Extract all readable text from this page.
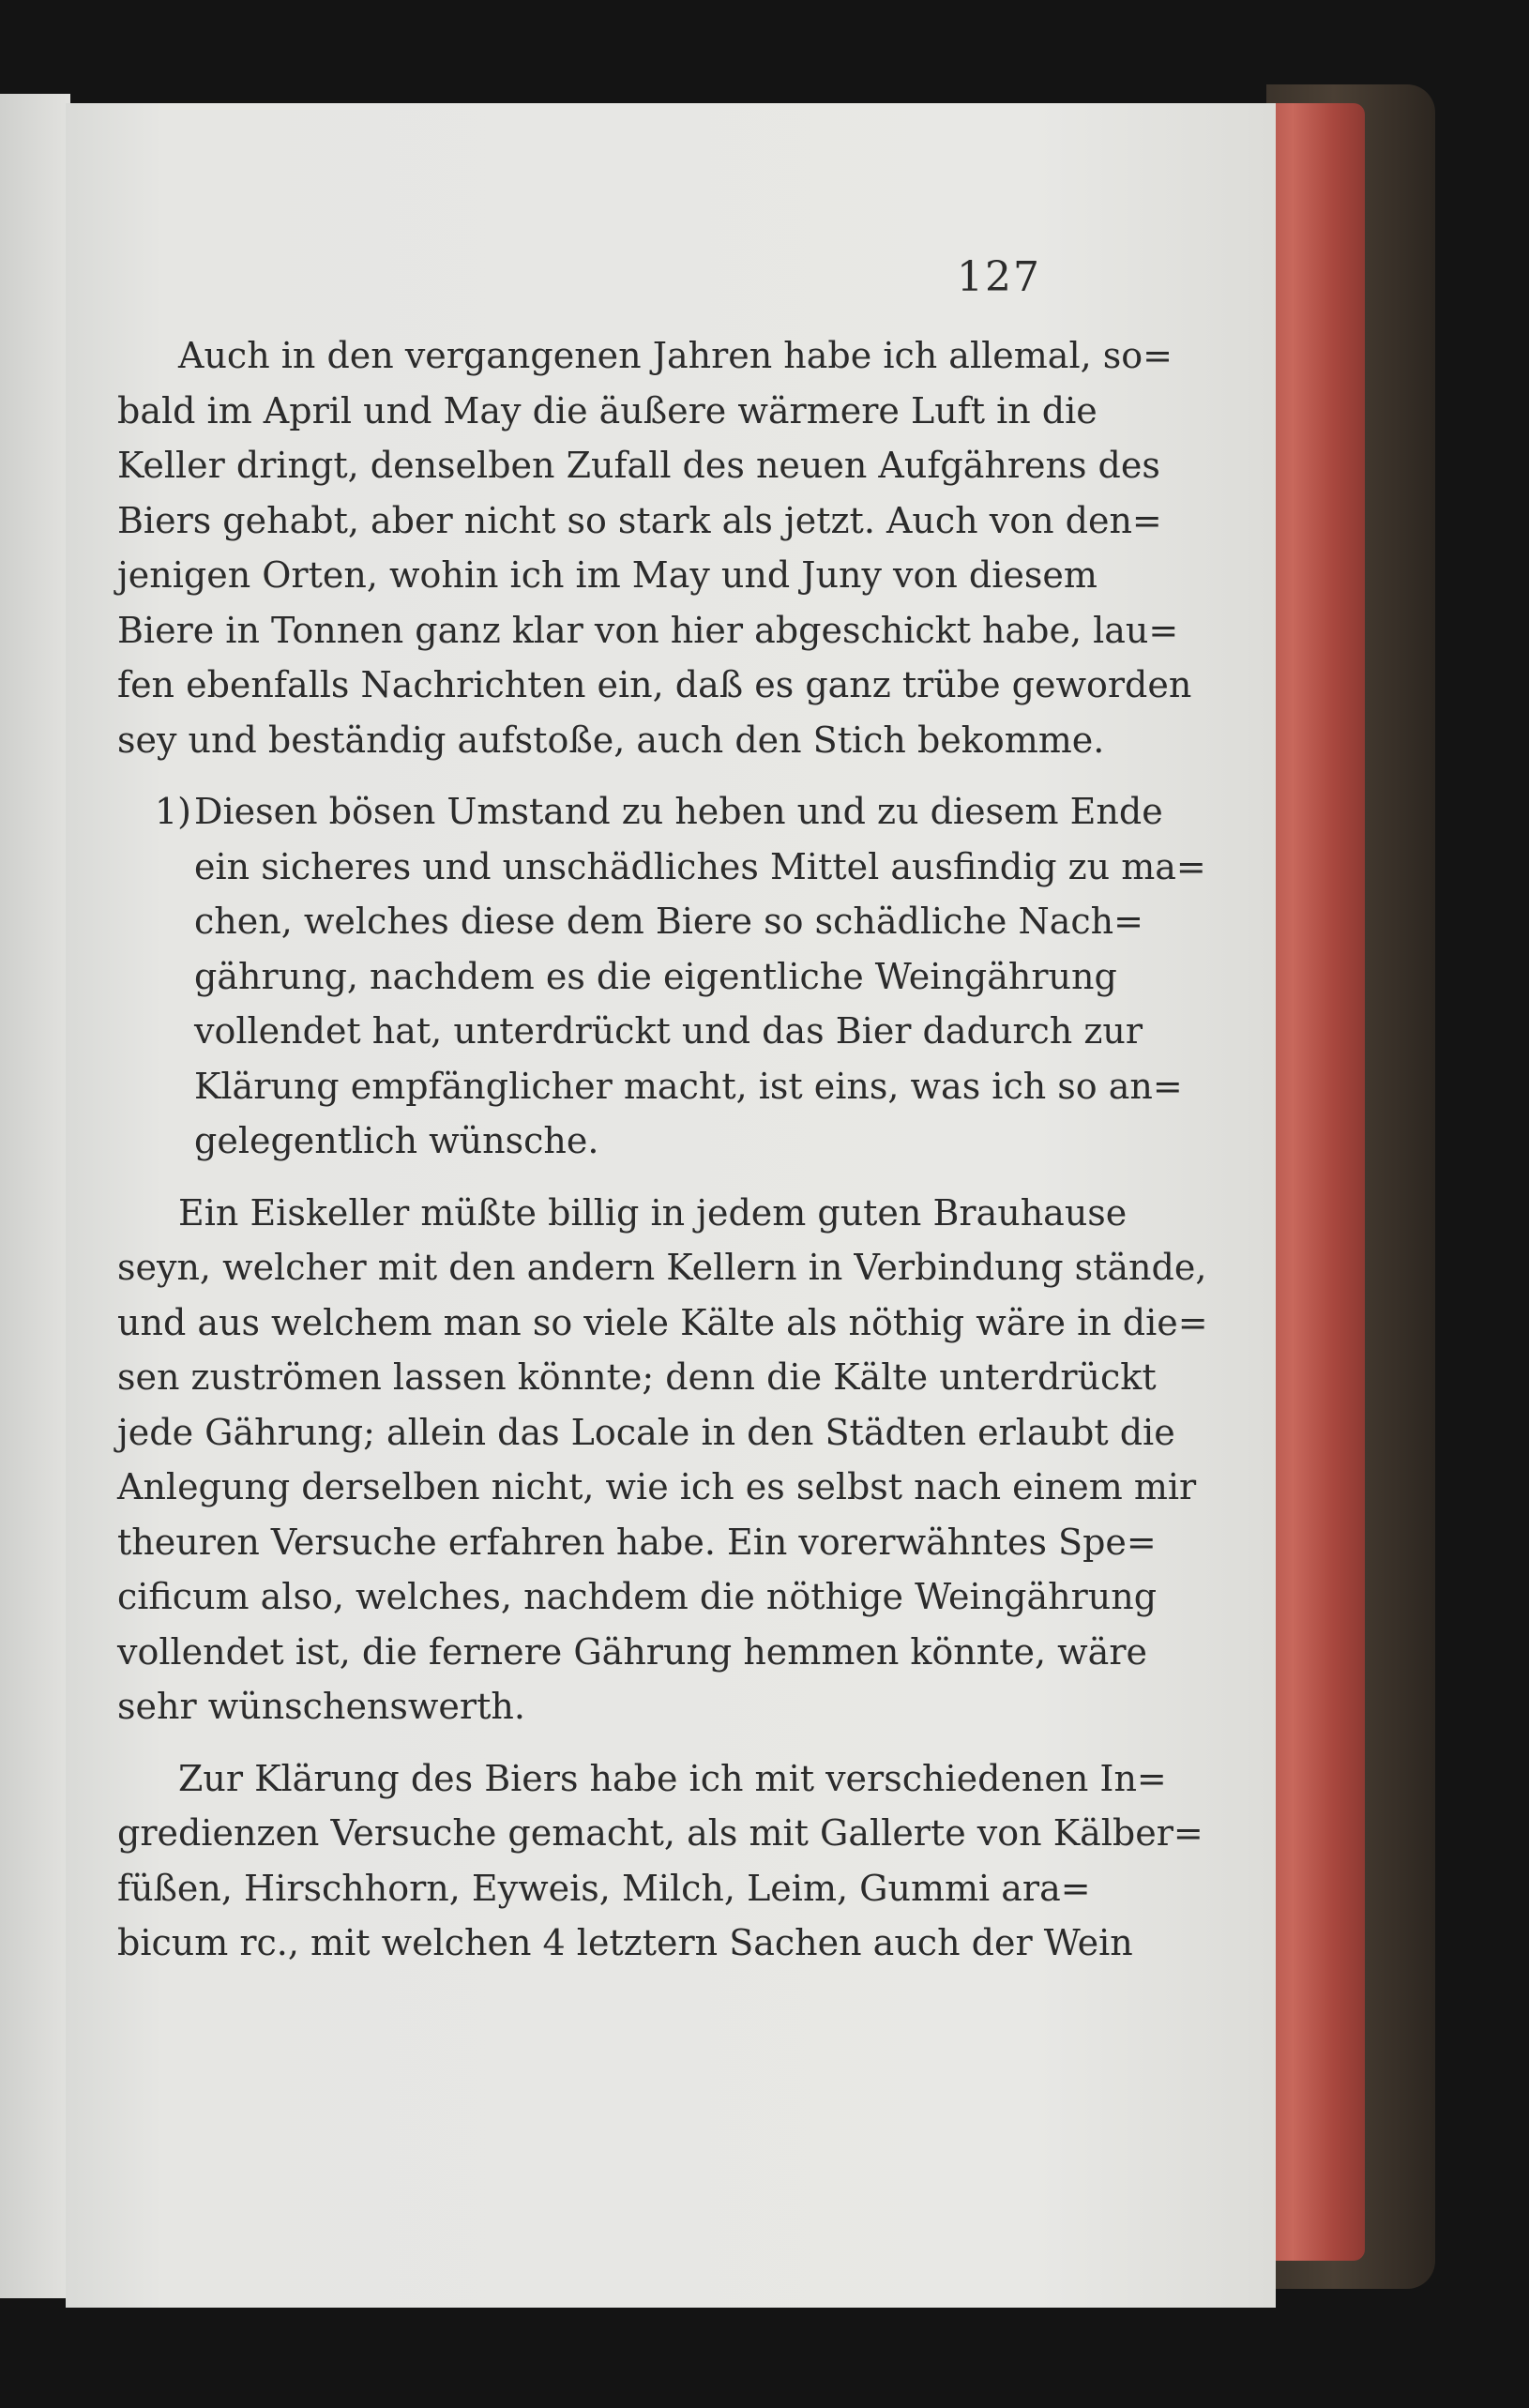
127

Auch in den vergangenen Jahren habe ich allemal, so=
bald im April und May die äußere wärmere Luft in die
Keller dringt, denselben Zufall des neuen Aufgährens des
Biers gehabt, aber nicht so stark als jetzt. Auch von den=
jenigen Orten, wohin ich im May und Juny von diesem
Biere in Tonnen ganz klar von hier abgeschickt habe, lau=
fen ebenfalls Nachrichten ein, daß es ganz trübe geworden
sey und beständig aufstoße, auch den Stich bekomme.

1) Diesen bösen Umstand zu heben und zu diesem Ende
ein sicheres und unschädliches Mittel ausfindig zu ma=
chen, welches diese dem Biere so schädliche Nach=
gährung, nachdem es die eigentliche Weingährung
vollendet hat, unterdrückt und das Bier dadurch zur
Klärung empfänglicher macht, ist eins, was ich so an=
gelegentlich wünsche.

Ein Eiskeller müßte billig in jedem guten Brauhause
seyn, welcher mit den andern Kellern in Verbindung stände,
und aus welchem man so viele Kälte als nöthig wäre in die=
sen zuströmen lassen könnte; denn die Kälte unterdrückt
jede Gährung; allein das Locale in den Städten erlaubt die
Anlegung derselben nicht, wie ich es selbst nach einem mir
theuren Versuche erfahren habe. Ein vorerwähntes Spe=
cificum also, welches, nachdem die nöthige Weingährung
vollendet ist, die fernere Gährung hemmen könnte, wäre
sehr wünschenswerth.

Zur Klärung des Biers habe ich mit verschiedenen In=
gredienzen Versuche gemacht, als mit Gallerte von Kälber=
füßen, Hirschhorn, Eyweis, Milch, Leim, Gummi ara=
bicum rc., mit welchen 4 letztern Sachen auch der Wein
